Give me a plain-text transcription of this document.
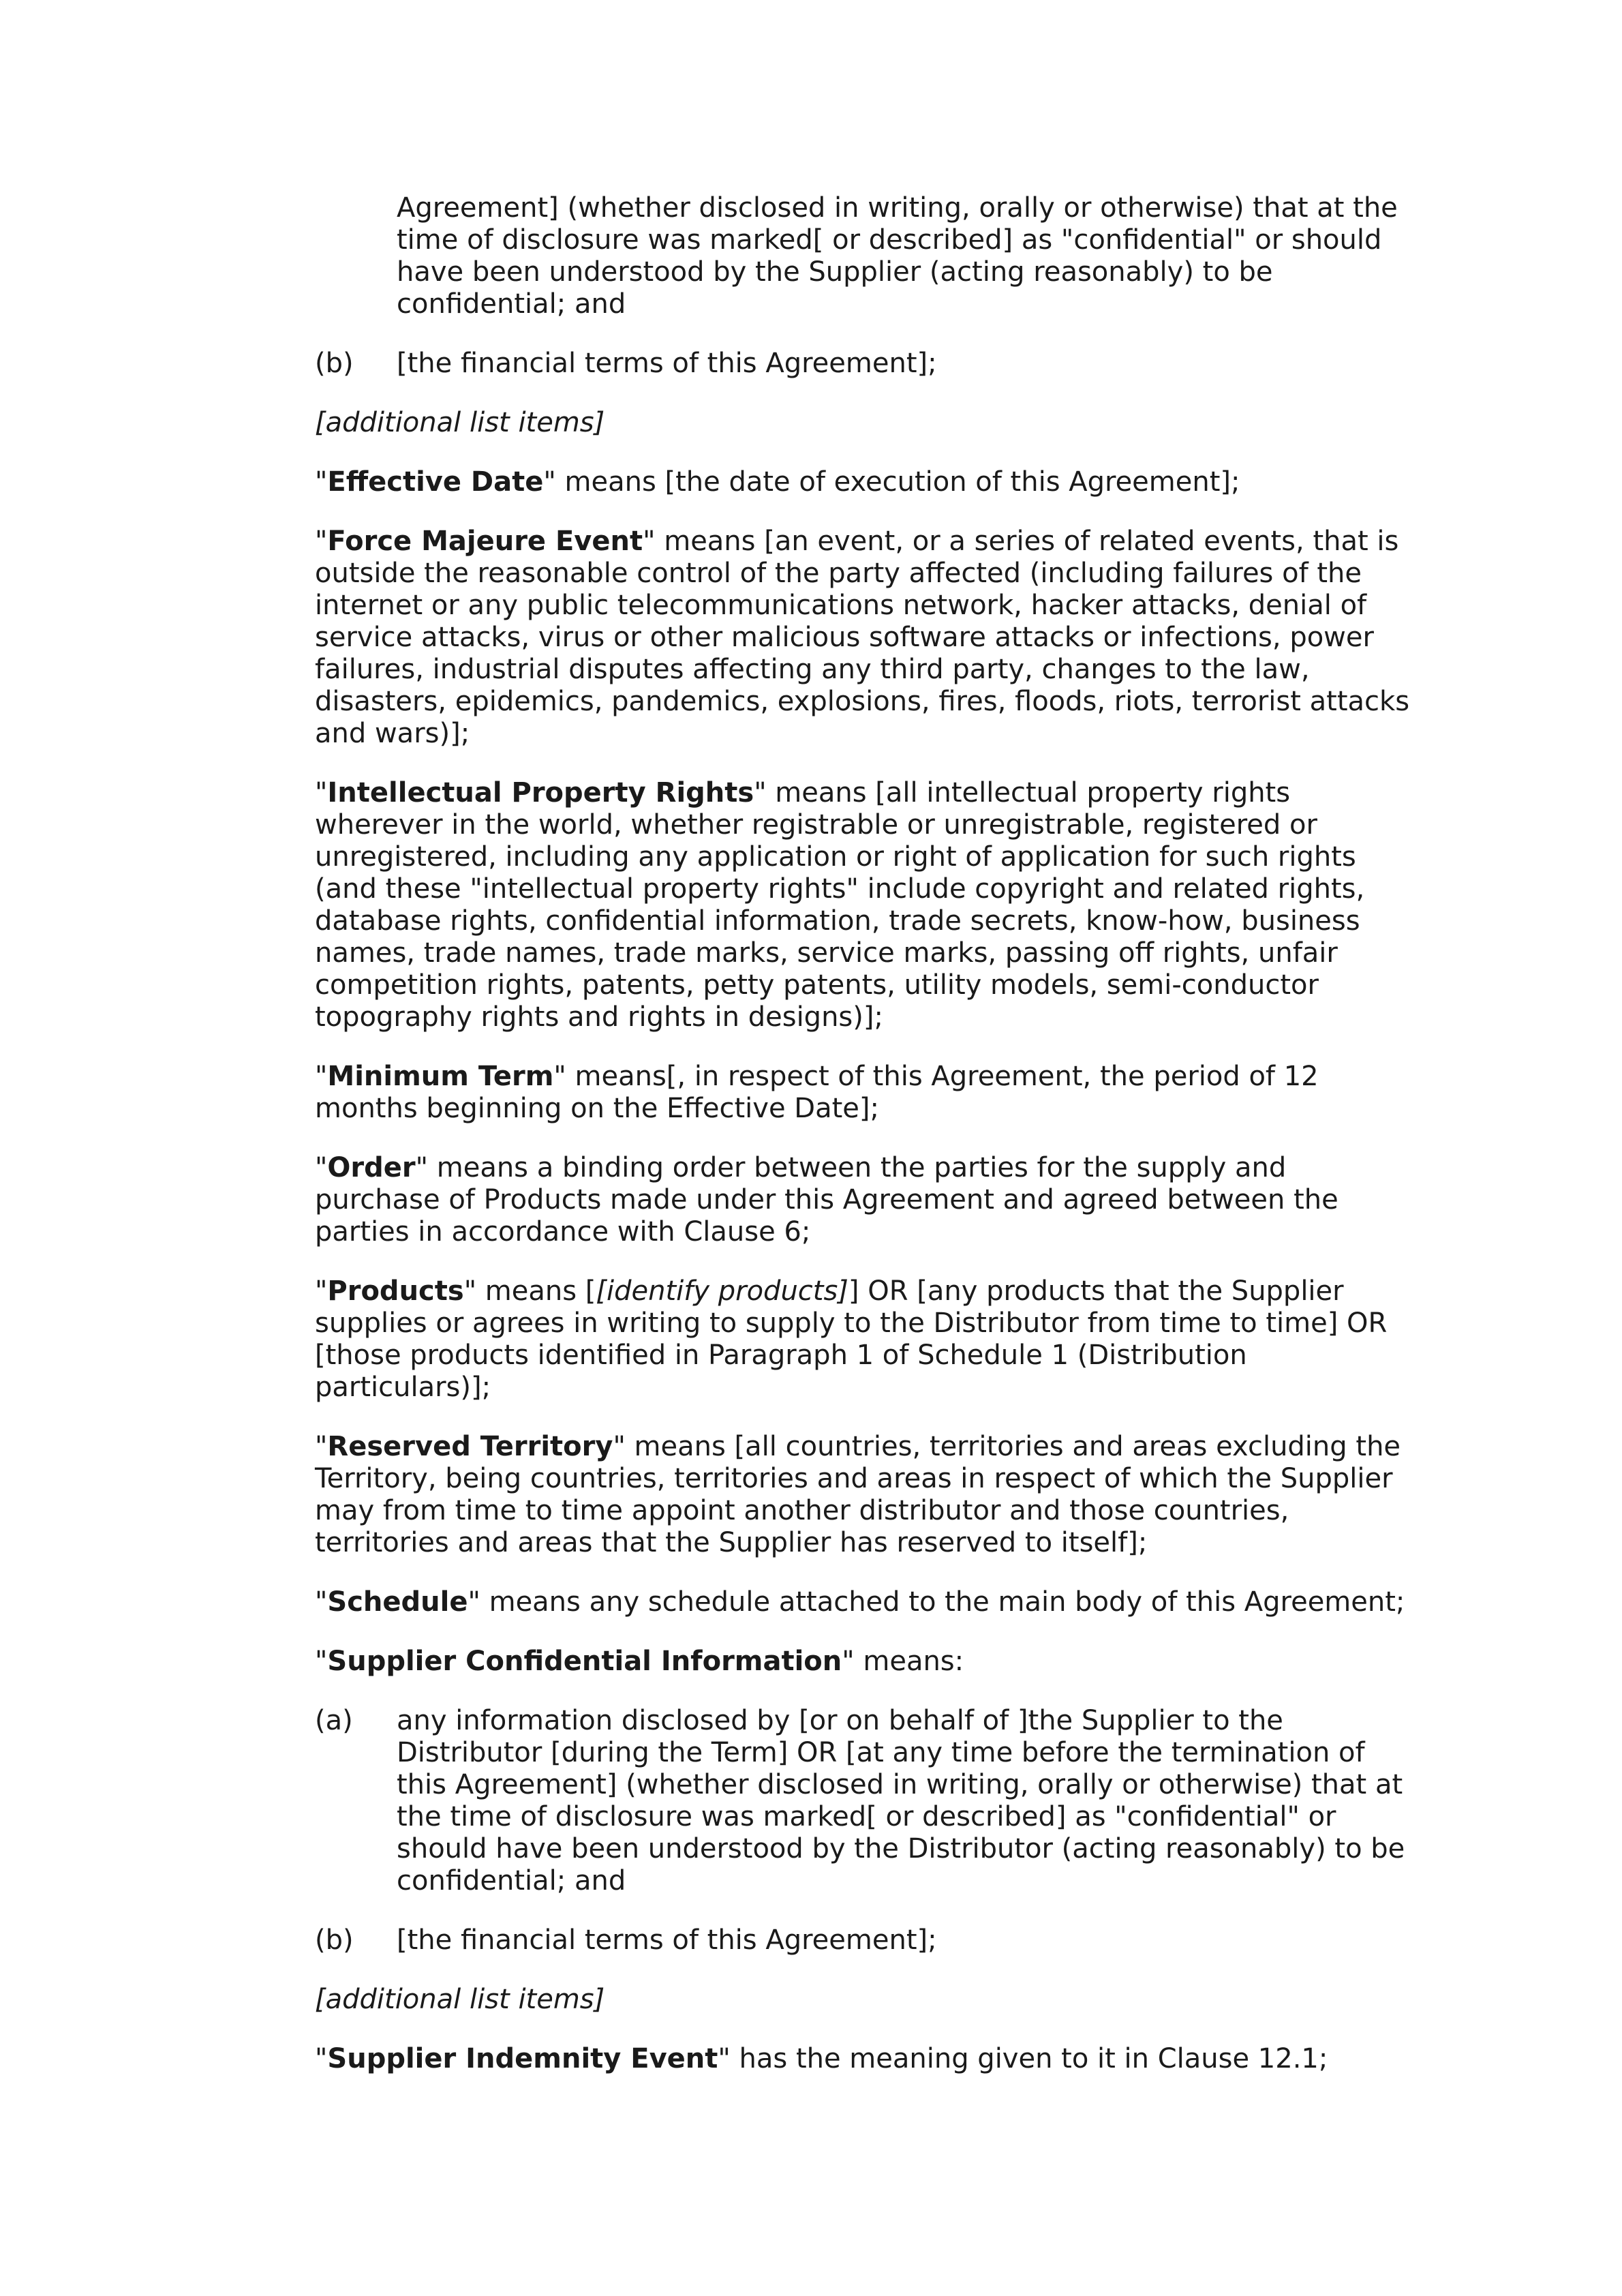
Agreement] (whether disclosed in writing, orally or otherwise) that at the time of disclosure was marked[ or described] as "confidential" or should have been understood by the Supplier (acting reasonably) to be confidential; and
(b) [the financial terms of this Agreement];

[additional list items]

"Effective Date" means [the date of execution of this Agreement];

"Force Majeure Event" means [an event, or a series of related events, that is outside the reasonable control of the party affected (including failures of the internet or any public telecommunications network, hacker attacks, denial of service attacks, virus or other malicious software attacks or infections, power failures, industrial disputes affecting any third party, changes to the law, disasters, epidemics, pandemics, explosions, fires, floods, riots, terrorist attacks and wars)];

"Intellectual Property Rights" means [all intellectual property rights wherever in the world, whether registrable or unregistrable, registered or unregistered, including any application or right of application for such rights (and these "intellectual property rights" include copyright and related rights, database rights, confidential information, trade secrets, know-how, business names, trade names, trade marks, service marks, passing off rights, unfair competition rights, patents, petty patents, utility models, semi-conductor topography rights and rights in designs)];

"Minimum Term" means[, in respect of this Agreement, the period of 12 months beginning on the Effective Date];

"Order" means a binding order between the parties for the supply and purchase of Products made under this Agreement and agreed between the parties in accordance with Clause 6;

"Products" means [[identify products]] OR [any products that the Supplier supplies or agrees in writing to supply to the Distributor from time to time] OR [those products identified in Paragraph 1 of Schedule 1 (Distribution particulars)];

"Reserved Territory" means [all countries, territories and areas excluding the Territory, being countries, territories and areas in respect of which the Supplier may from time to time appoint another distributor and those countries, territories and areas that the Supplier has reserved to itself];

"Schedule" means any schedule attached to the main body of this Agreement;

"Supplier Confidential Information" means:

(a) any information disclosed by [or on behalf of ]the Supplier to the Distributor [during the Term] OR [at any time before the termination of this Agreement] (whether disclosed in writing, orally or otherwise) that at the time of disclosure was marked[ or described] as "confidential" or should have been understood by the Distributor (acting reasonably) to be confidential; and
(b) [the financial terms of this Agreement];

[additional list items]

"Supplier Indemnity Event" has the meaning given to it in Clause 12.1;
